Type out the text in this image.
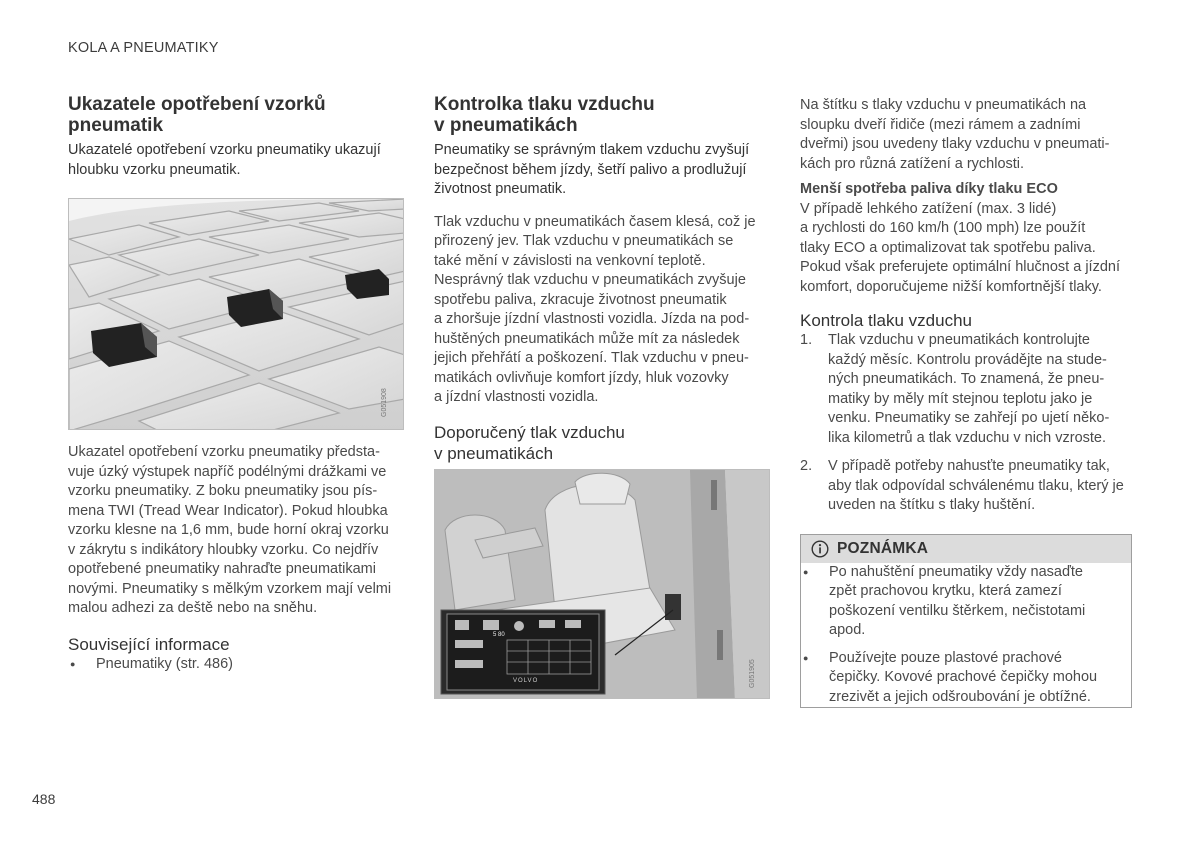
KOLA A PNEUMATIKY
Ukazatele opotřebení vzorků pneumatik

Ukazatelé opotřebení vzorku pneumatiky ukazují hloubku vzorku pneumatik.

G051908

Ukazatel opotřebení vzorku pneumatiky předsta-

vuje úzký výstupek napříč podélnými drážkami ve

vzorku pneumatiky. Z boku pneumatiky jsou pís-

mena TWI (Tread Wear Indicator). Pokud hloubka

vzorku klesne na 1,6 mm, bude horní okraj vzorku

v zákrytu s indikátory hloubky vzorku. Co nejdřív

opotřebené pneumatiky nahraďte pneumatikami

novými. Pneumatiky s mělkým vzorkem mají velmi

malou adhezi za deště nebo na sněhu.

Související informace
● Pneumatiky (str. 486)
Kontrolka tlaku vzduchu
v pneumatikách

Pneumatiky se správným tlakem vzduchu zvyšují

bezpečnost během jízdy, šetří palivo a prodlužují

životnost pneumatik.

Tlak vzduchu v pneumatikách časem klesá, což je

přirozený jev. Tlak vzduchu v pneumatikách se

také mění v závislosti na venkovní teplotě.

Nesprávný tlak vzduchu v pneumatikách zvyšuje

spotřebu paliva, zkracuje životnost pneumatik

a zhoršuje jízdní vlastnosti vozidla. Jízda na pod-

huštěných pneumatikách může mít za následek

jejich přehřátí a poškození. Tlak vzduchu v pneu-

matikách ovlivňuje komfort jízdy, hluk vozovky

a jízdní vlastnosti vozidla.

Doporučený tlak vzduchu
v pneumatikách
5 80
VOLVO	G051905

Na štítku s tlaky vzduchu v pneumatikách na

sloupku dveří řidiče (mezi rámem a zadními

dveřmi) jsou uvedeny tlaky vzduchu v pneumati-

kách pro různá zatížení a rychlosti.

Menší spotřeba paliva díky tlaku ECO

V případě lehkého zatížení (max. 3 lidé)

a rychlosti do 160 km/h (100 mph) lze použít

tlaky ECO a optimalizovat tak spotřebu paliva.

Pokud však preferujete optimální hlučnost a jízdní

komfort, doporučujeme nižší komfortnější tlaky.

Kontrola tlaku vzduchu
1. Tlak vzduchu v pneumatikách kontrolujte
každý měsíc. Kontrolu provádějte na stude-
ných pneumatikách. To znamená, že pneu-
matiky by měly mít stejnou teplotu jako je
venku. Pneumatiky se zahřejí po ujetí něko-
lika kilometrů a tlak vzduchu v nich vzroste.
2. V případě potřeby nahusťte pneumatiky tak,
aby tlak odpovídal schválenému tlaku, který je
uveden na štítku s tlaky huštění.
POZNÁMKA
● Po nahuštění pneumatiky vždy nasaďte
zpět prachovou krytku, která zamezí
poškození ventilku štěrkem, nečistotami
apod.
● Používejte pouze plastové prachové
čepičky. Kovové prachové čepičky mohou
zrezivět a jejich odšroubování je obtížné.
488
